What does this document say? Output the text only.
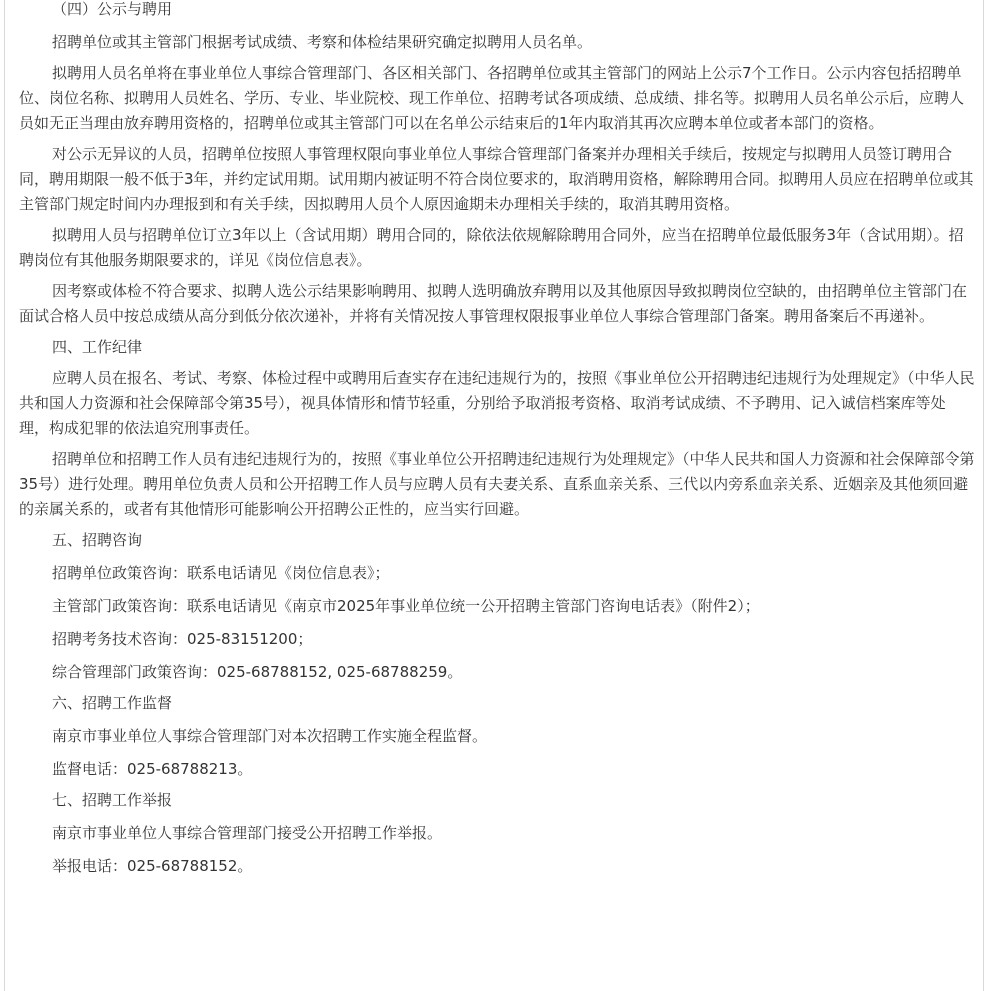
（四）公示与聘用

招聘单位或其主管部门根据考试成绩、考察和体检结果研究确定拟聘用人员名单。

拟聘用人员名单将在事业单位人事综合管理部门、各区相关部门、各招聘单位或其主管部门的网站上公示7个工作日。公示内容包括招聘单位、岗位名称、拟聘用人员姓名、学历、专业、毕业院校、现工作单位、招聘考试各项成绩、总成绩、排名等。拟聘用人员名单公示后，应聘人员如无正当理由放弃聘用资格的，招聘单位或其主管部门可以在名单公示结束后的1年内取消其再次应聘本单位或者本部门的资格。

对公示无异议的人员，招聘单位按照人事管理权限向事业单位人事综合管理部门备案并办理相关手续后，按规定与拟聘用人员签订聘用合同，聘用期限一般不低于3年，并约定试用期。试用期内被证明不符合岗位要求的，取消聘用资格，解除聘用合同。拟聘用人员应在招聘单位或其主管部门规定时间内办理报到和有关手续，因拟聘用人员个人原因逾期未办理相关手续的，取消其聘用资格。

拟聘用人员与招聘单位订立3年以上（含试用期）聘用合同的，除依法依规解除聘用合同外，应当在招聘单位最低服务3年（含试用期）。招聘岗位有其他服务期限要求的，详见《岗位信息表》。

因考察或体检不符合要求、拟聘人选公示结果影响聘用、拟聘人选明确放弃聘用以及其他原因导致拟聘岗位空缺的，由招聘单位主管部门在面试合格人员中按总成绩从高分到低分依次递补，并将有关情况按人事管理权限报事业单位人事综合管理部门备案。聘用备案后不再递补。

四、工作纪律

应聘人员在报名、考试、考察、体检过程中或聘用后查实存在违纪违规行为的，按照《事业单位公开招聘违纪违规行为处理规定》（中华人民共和国人力资源和社会保障部令第35号），视具体情形和情节轻重，分别给予取消报考资格、取消考试成绩、不予聘用、记入诚信档案库等处理，构成犯罪的依法追究刑事责任。

招聘单位和招聘工作人员有违纪违规行为的，按照《事业单位公开招聘违纪违规行为处理规定》（中华人民共和国人力资源和社会保障部令第35号）进行处理。聘用单位负责人员和公开招聘工作人员与应聘人员有夫妻关系、直系血亲关系、三代以内旁系血亲关系、近姻亲及其他须回避的亲属关系的，或者有其他情形可能影响公开招聘公正性的，应当实行回避。

五、招聘咨询

招聘单位政策咨询：联系电话请见《岗位信息表》；

主管部门政策咨询：联系电话请见《南京市2025年事业单位统一公开招聘主管部门咨询电话表》（附件2）；

招聘考务技术咨询：025-83151200；

综合管理部门政策咨询：025-68788152, 025-68788259。

六、招聘工作监督

南京市事业单位人事综合管理部门对本次招聘工作实施全程监督。

监督电话：025-68788213。

七、招聘工作举报

南京市事业单位人事综合管理部门接受公开招聘工作举报。

举报电话：025-68788152。
